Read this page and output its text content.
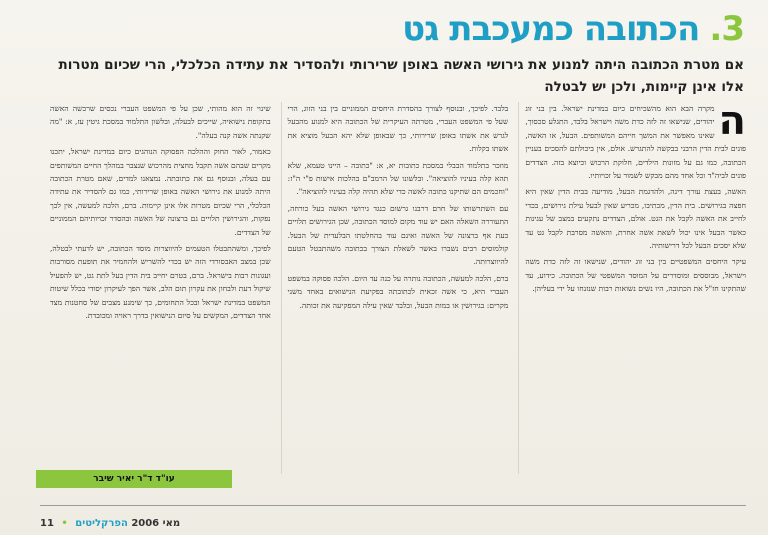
3.הכתובה כמעכבת גט
אם מטרת הכתובה היתה למנוע את גירושי האשה באופן שרירותי ולהסדיר את עתידה הכלכלי, הרי שכיום מטרות אלו אינן קיימות, ולכן יש לבטלה
ה

מקרה הבא הוא מהשכיחים כיום במדינת ישראל. בין בני זוג יהודים, שנישאו זה לזה כדת משה וישראל בלבד, התגלע סכסוך, שאינו מאפשר את המשך חייהם המשותפים. הבעל, או האשה, פונים לבית הדין הרבני בבקשה להתגרש. אולם, אין ביכולתם להסכים בעניין הכתובה, כמו גם על מזונות הילדים, חלוקת הרכוש וכיוצא בזה. הצדדים פונים לביה"ד וכל אחד מהם מבקש לשמור על זכויותיו.

האשה, בעצת עורך דינה, ולהדגמת הבעל, מודיעה בבית הדין שאין היא חפצה בגירושים. בית הדין, מכתיבו, מכריע שאין לבעל עילת גירושים, בכדי לחייב את האשה לקבל את הגט. אולם, הצדדים נתקעים במצב של עגינות כאשר הבעל אינו יכול לשאת אשה אחרת, והאשה מסרבת לקבל גט עד שלא יסכים הבעל לכל דרישותיה.

עיקר היחסים המשפטיים בין בני זוג יהודים, שנישאו זה לזה כדת משה וישראל, מבוססים ומוסדרים על המוסד המשפטי של הכתובה. כידוע, עד שהתקינו חז"ל את הכתובה, היו נשים נשואות רבות שנזנחו על ידי בעליהן.

בלבד. לפיכך, ובנוסף לצורך בהסדרת היחסים הממוניים בין בני הזוג, הרי שעל פי המשפט העברי, מטרתה העיקרית של הכתובה היא למנוע מהבעל לגרש את אשתו באופן שרירותי, כך שבאופן שלא יהא הבעל מוציא את אשתו בקלות.

מוזכר בתלמוד הבבלי במסכת כתובות יא, א: "כתובה – היינו טעמא, שלא תהא קלה בעיניו להוציאה". ובלשונו של הרמב"ם בהלכות אישות פ"י ה"ז: "וחכמים הם שתיקנו כתובה לאשה כדי שלא תהיה קלה בעיניו להוציאה".

עם השתרשותו של חרם דרבנו גרשום כנגד גירושי האשה בעל כורחה, התעוררה השאלה האם יש עוד מקום למוסד הכתובה, שכן הגירושים תלויים כעת אף ברצונה של האשה ואינם עוד בהחלטתו הבלעדית של הבעל. קולמוסים רבים נשברו באשר לשאלת הצורך בכתובה משהתבטל הטעם להיווצרותה.

ברם, הלכה למעשה, הכתובה נותרה על כנה עד היום. הלכה פסוקה במשפט העברי היא, כי אשה זכאית לכתובתה בפקיעת הנישואים באחד משני מקרים: בגירושין או במות הבעל, ובלבד שאין עילה המפקיעה את זכותה.

שינוי זה הוא מהותי, שכן על פי המשפט העברי נכסים שרכשה האשה בתקופת נישואיה, שייכים לבעלה, ובלשון התלמוד במסכת גיטין עז, א: "מה שקנתה אשה קנה בעלה".

כאמור, לאור החוק וההלכה הפסוקה הנוהגים כיום במדינת ישראל, יתכנו מקרים שבהם אשה תקבל מחצית מהרכוש שנצבר במהלך החיים המשותפים עם בעלה, ובנוסף גם את כתובתה. נמצאנו למדים, שאם מטרת הכתובה היתה למנוע את גירושי האשה באופן שרירותי, כמו גם להסדיר את עתידה הכלכלי, הרי שכיום מטרות אלו אינן קיימות. ברם, הלכה למעשה, אין לכך נפקות, והגירושין תלויים גם ברצונה של האשה ובהסדר זכויותיהם הממוניים של הצדדים.

לפיכך, ומשהתבטלו הטעמים להיווצרות מוסד הכתובה, יש לדעתי לבטלה, שכן במצב האבסורדי הזה יש בכדי להשריש ולהחמיר את תופעת מסורבות ועגונות רבות בישראל. ברם, בטרם יחייב בית הדין בעל לתת גט, יש להפעיל שיקול דעת ולבחון את עקרון תום הלב, אשר הפך לעיקרון יסודי בכלל שיטות המשפט במדינת ישראל ובכל התחומים, כך שימנע מצבים של סחטנות מצד אחד הצדדים, המקשים על סיום הנישואין בדרך ראויה ומכובדת.

עו"ד ד"ר יאיר שיבר
מאי 2006 הפרקליטים • 11
